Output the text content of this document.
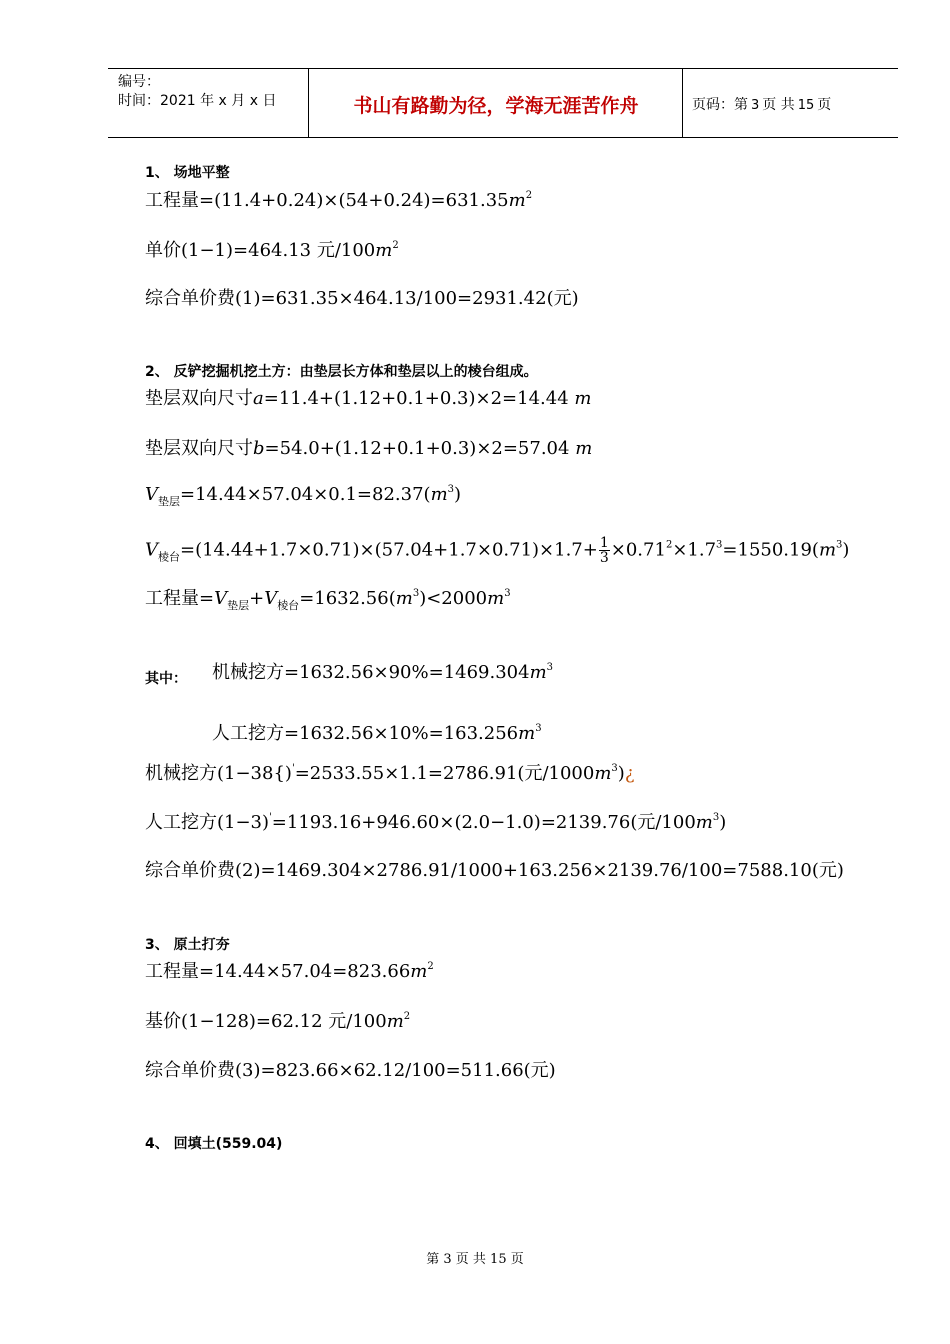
编号：
时间：2021 年 x 月 x 日	书山有路勤为径，学海无涯苦作舟	页码：第 3 页 共 15 页
1、 场地平整
工程量$=(11.4+0.24)\times(54+0.24)=631.35m^2$
单价(1−1)=464.13 元$/100m^2$
综合单价费(1)=631.35×464.13/100=2931.42(元)
2、 反铲挖掘机挖土方：由垫层长方体和垫层以上的棱台组成。
垫层双向尺寸a=11.4+(1.12+0.1+0.3)×2=14.44 m
垫层双向尺寸b=54.0+(1.12+0.1+0.3)×2=57.04 m
$V_{垫层}=14.44\times 57.04\times 0.1=82.37(m^3)$
$V_{棱台}=(14.44+1.7\times 0.71)\times(57.04+1.7\times 0.71)\times 1.7+ \frac{1}{3} \times 0.71^2\times 1.7^3=1550.19(m^3)$
工程量$=V_{垫层}+V_{棱台}=1632.56(m^3)<2000m^3$
其中： 机械挖方$=1632.56\times 90\%=1469.304m^3$
人工挖方$=1632.56\times 10\%=163.256m^3$
机械挖方(1−38{)'=2533.55×1.1=2786.91(元$/1000m^3)¿$
人工挖方(1−3)'=1193.16+946.60×(2.0−1.0)=2139.76(元$/100m^3$)
综合单价费(2)=1469.304×2786.91/1000+163.256×2139.76/100=7588.10(元)
3、 原土打夯
工程量$=14.44\times 57.04=823.66m^2$
基价(1−128)=62.12 元$/100m^2$
综合单价费(3)=823.66×62.12/100=511.66(元)
4、 回填土(559.04)
第 3 页 共 15 页
